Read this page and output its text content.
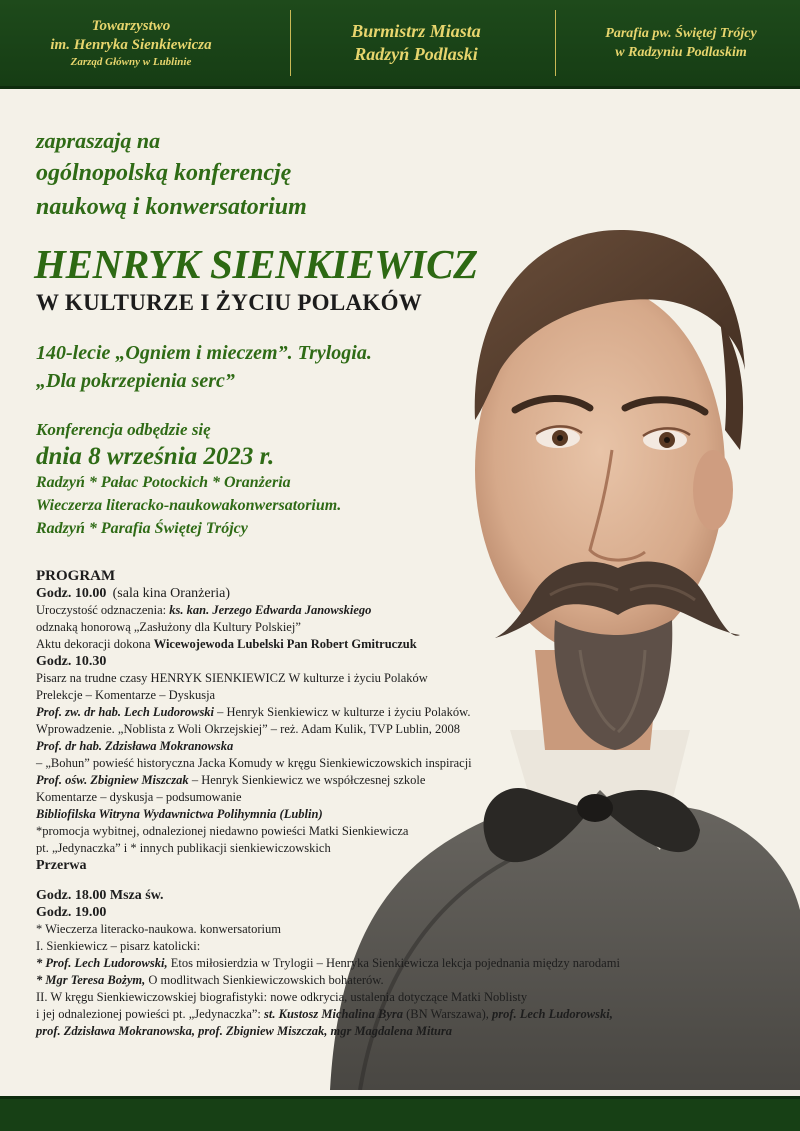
Towarzystwo
im. Henryka Sienkiewicza
Zarząd Główny w Lublinie
Burmistrz Miasta
Radzyń Podlaski
Parafia pw. Świętej Trójcy
w Radzyniu Podlaskim
zapraszają na
ogólnopolską konferencję
naukową i konwersatorium
HENRYK SIENKIEWICZ
W KULTURZE I ŻYCIU POLAKÓW
140-lecie „Ogniem i mieczem”. Trylogia.
„Dla pokrzepienia serc”
Konferencja odbędzie się
dnia 8 września 2023 r.
Radzyń * Pałac Potockich * Oranżeria
Wieczerza literacko-naukowakonwersatorium.
Radzyń * Parafia Świętej Trójcy
PROGRAM
Godz. 10.00 (sala kina Oranżeria)
Uroczystość odznaczenia: ks. kan. Jerzego Edwarda Janowskiego
odznaką honorową „Zasłużony dla Kultury Polskiej”
Aktu dekoracji dokona Wicewojewoda Lubelski Pan Robert Gmitruczuk
Godz. 10.30
Pisarz na trudne czasy HENRYK SIENKIEWICZ W kulturze i życiu Polaków
Prelekcje – Komentarze – Dyskusja
Prof. zw. dr hab. Lech Ludorowski – Henryk Sienkiewicz w kulturze i życiu Polaków.
Wprowadzenie. „Noblista z Woli Okrzejskiej” – reż. Adam Kulik, TVP Lublin, 2008
Prof. dr hab. Zdzisława Mokranowska
– „Bohun” powieść historyczna Jacka Komudy w kręgu Sienkiewiczowskich inspiracji
Prof. ośw. Zbigniew Miszczak – Henryk Sienkiewicz we współczesnej szkole
Komentarze – dyskusja – podsumowanie
Bibliofilska Witryna Wydawnictwa Polihymnia (Lublin)
*promocja wybitnej, odnalezionej niedawno powieści Matki Sienkiewicza
pt. „Jedynaczka” i * innych publikacji sienkiewiczowskich
Przerwa
Godz. 18.00 Msza św.
Godz. 19.00
* Wieczerza literacko-naukowa. konwersatorium
I. Sienkiewicz – pisarz katolicki:
* Prof. Lech Ludorowski, Etos miłosierdzia w Trylogii – Henryka Sienkiewicza lekcja pojednania między narodami
* Mgr Teresa Bożym, O modlitwach Sienkiewiczowskich bohaterów.
II. W kręgu Sienkiewiczowskiej biografistyki: nowe odkrycia, ustalenia dotyczące Matki Noblisty
i jej odnalezionej powieści pt. „Jedynaczka”: st. Kustosz Michalina Byra (BN Warszawa), prof. Lech Ludorowski,
prof. Zdzisława Mokranowska, prof. Zbigniew Miszczak, mgr Magdalena Mitura
